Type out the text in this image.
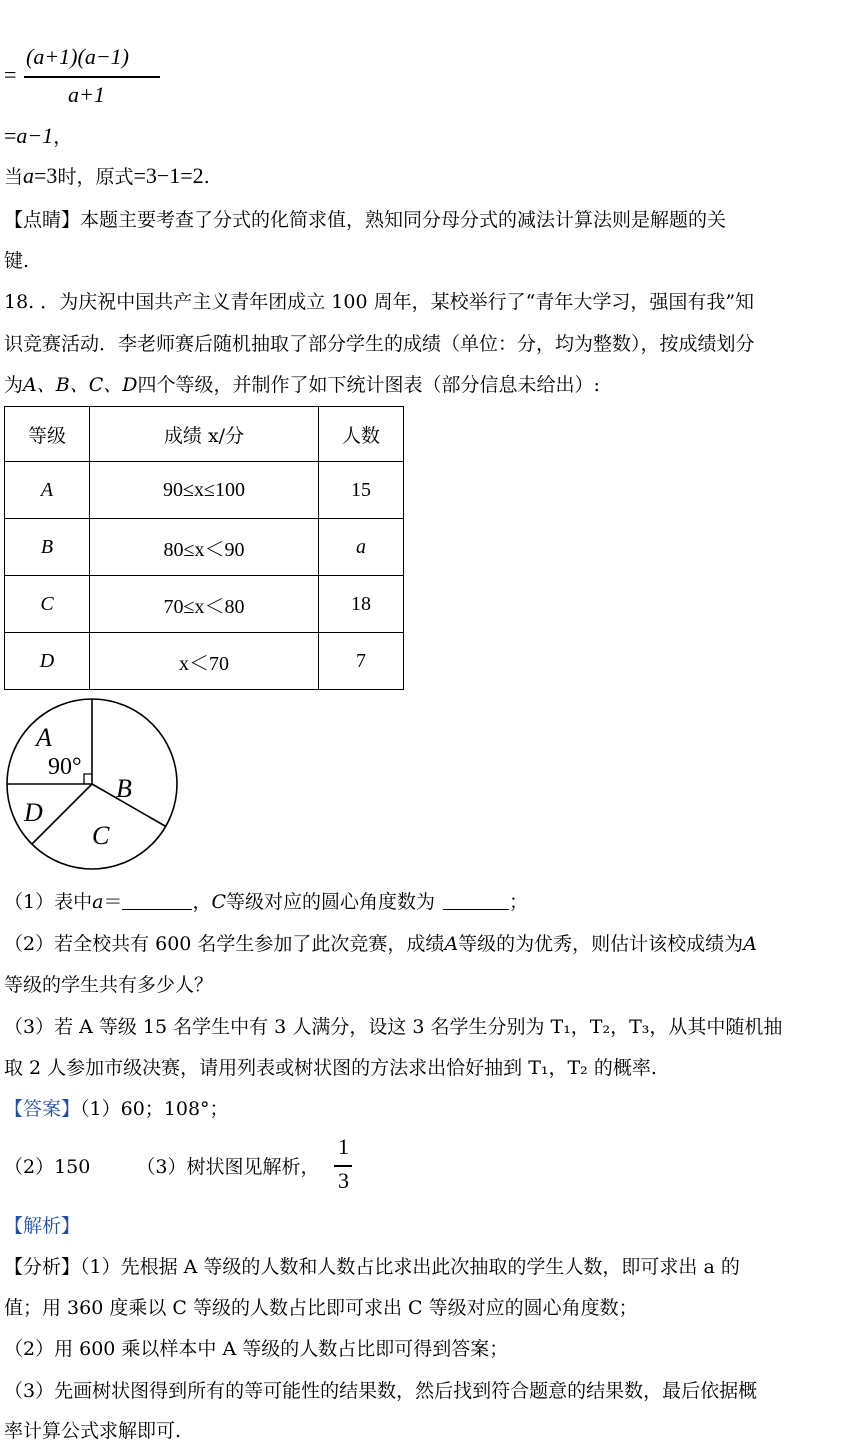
=
(a+1)(a−1)
a+1
=a−1，
当a=3时，原式=3−1=2.
【点睛】本题主要考查了分式的化简求值，熟知同分母分式的减法计算法则是解题的关
键.
18. ．为庆祝中国共产主义青年团成立 100 周年，某校举行了“青年大学习，强国有我”知
识竞赛活动．李老师赛后随机抽取了部分学生的成绩（单位：分，均为整数），按成绩划分
为A、B、C、D四个等级，并制作了如下统计图表（部分信息未给出）:
等级	成绩 x/分	人数
A	90≤x≤100	15
B	80≤x＜90	a
C	70≤x＜80	18
D	x＜70	7
A
90°
B
C
D
（1）表中a＝	，C等级对应的圆心角度数为	；
（2）若全校共有 600 名学生参加了此次竞赛，成绩A等级的为优秀，则估计该校成绩为A
等级的学生共有多少人？
（3）若 A 等级 15 名学生中有 3 人满分，设这 3 名学生分别为 T₁，T₂，T₃，从其中随机抽
取 2 人参加市级决赛，请用列表或树状图的方法求出恰好抽到 T₁，T₂ 的概率.
【答案】（1）60；108°；
（2）150 （3）树状图见解析，
1
3
【解析】
【分析】（1）先根据 A 等级的人数和人数占比求出此次抽取的学生人数，即可求出 a 的
值；用 360 度乘以 C 等级的人数占比即可求出 C 等级对应的圆心角度数；
（2）用 600 乘以样本中 A 等级的人数占比即可得到答案；
（3）先画树状图得到所有的等可能性的结果数，然后找到符合题意的结果数，最后依据概
率计算公式求解即可.
